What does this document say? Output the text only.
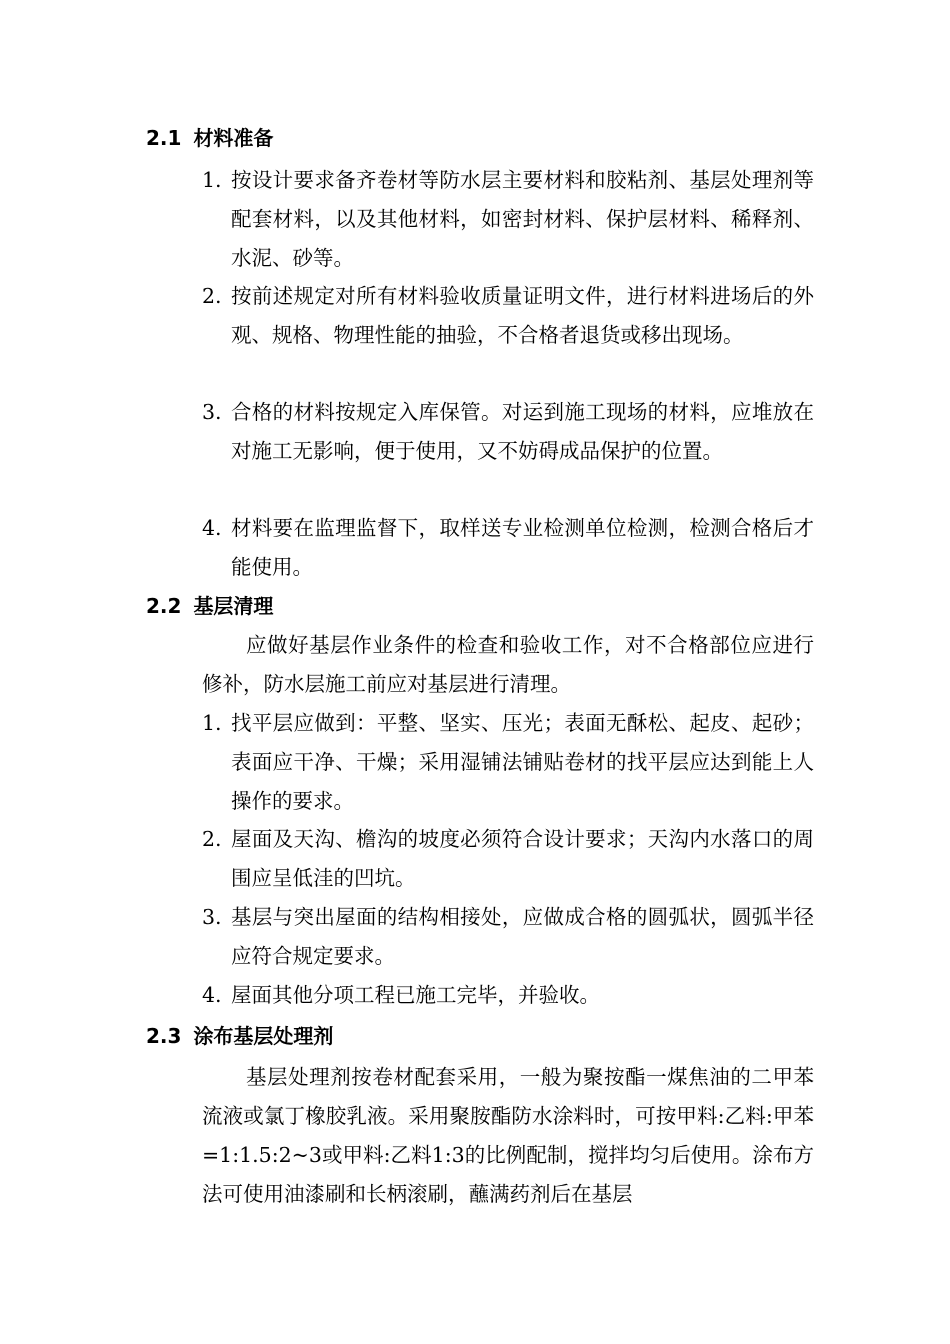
2.1 材料准备
1. 按设计要求备齐卷材等防水层主要材料和胶粘剂、基层处理剂等配套材料，以及其他材料，如密封材料、保护层材料、稀释剂、水泥、砂等。
2. 按前述规定对所有材料验收质量证明文件，进行材料进场后的外观、规格、物理性能的抽验，不合格者退货或移出现场。
3. 合格的材料按规定入库保管。对运到施工现场的材料，应堆放在对施工无影响，便于使用，又不妨碍成品保护的位置。
4. 材料要在监理监督下，取样送专业检测单位检测，检测合格后才能使用。
2.2 基层清理
应做好基层作业条件的检查和验收工作，对不合格部位应进行修补，防水层施工前应对基层进行清理。
1. 找平层应做到：平整、坚实、压光；表面无酥松、起皮、起砂；表面应干净、干燥；采用湿铺法铺贴卷材的找平层应达到能上人操作的要求。
2. 屋面及天沟、檐沟的坡度必须符合设计要求；天沟内水落口的周围应呈低洼的凹坑。
3. 基层与突出屋面的结构相接处，应做成合格的圆弧状，圆弧半径应符合规定要求。
4. 屋面其他分项工程已施工完毕，并验收。
2.3 涂布基层处理剂
基层处理剂按卷材配套采用，一般为聚按酯一煤焦油的二甲苯流液或氯丁橡胶乳液。采用聚胺酯防水涂料时，可按甲料:乙料:甲苯=1:1.5:2~3或甲料:乙料1:3的比例配制，搅拌均匀后使用。涂布方法可使用油漆刷和长柄滚刷，蘸满药剂后在基层
